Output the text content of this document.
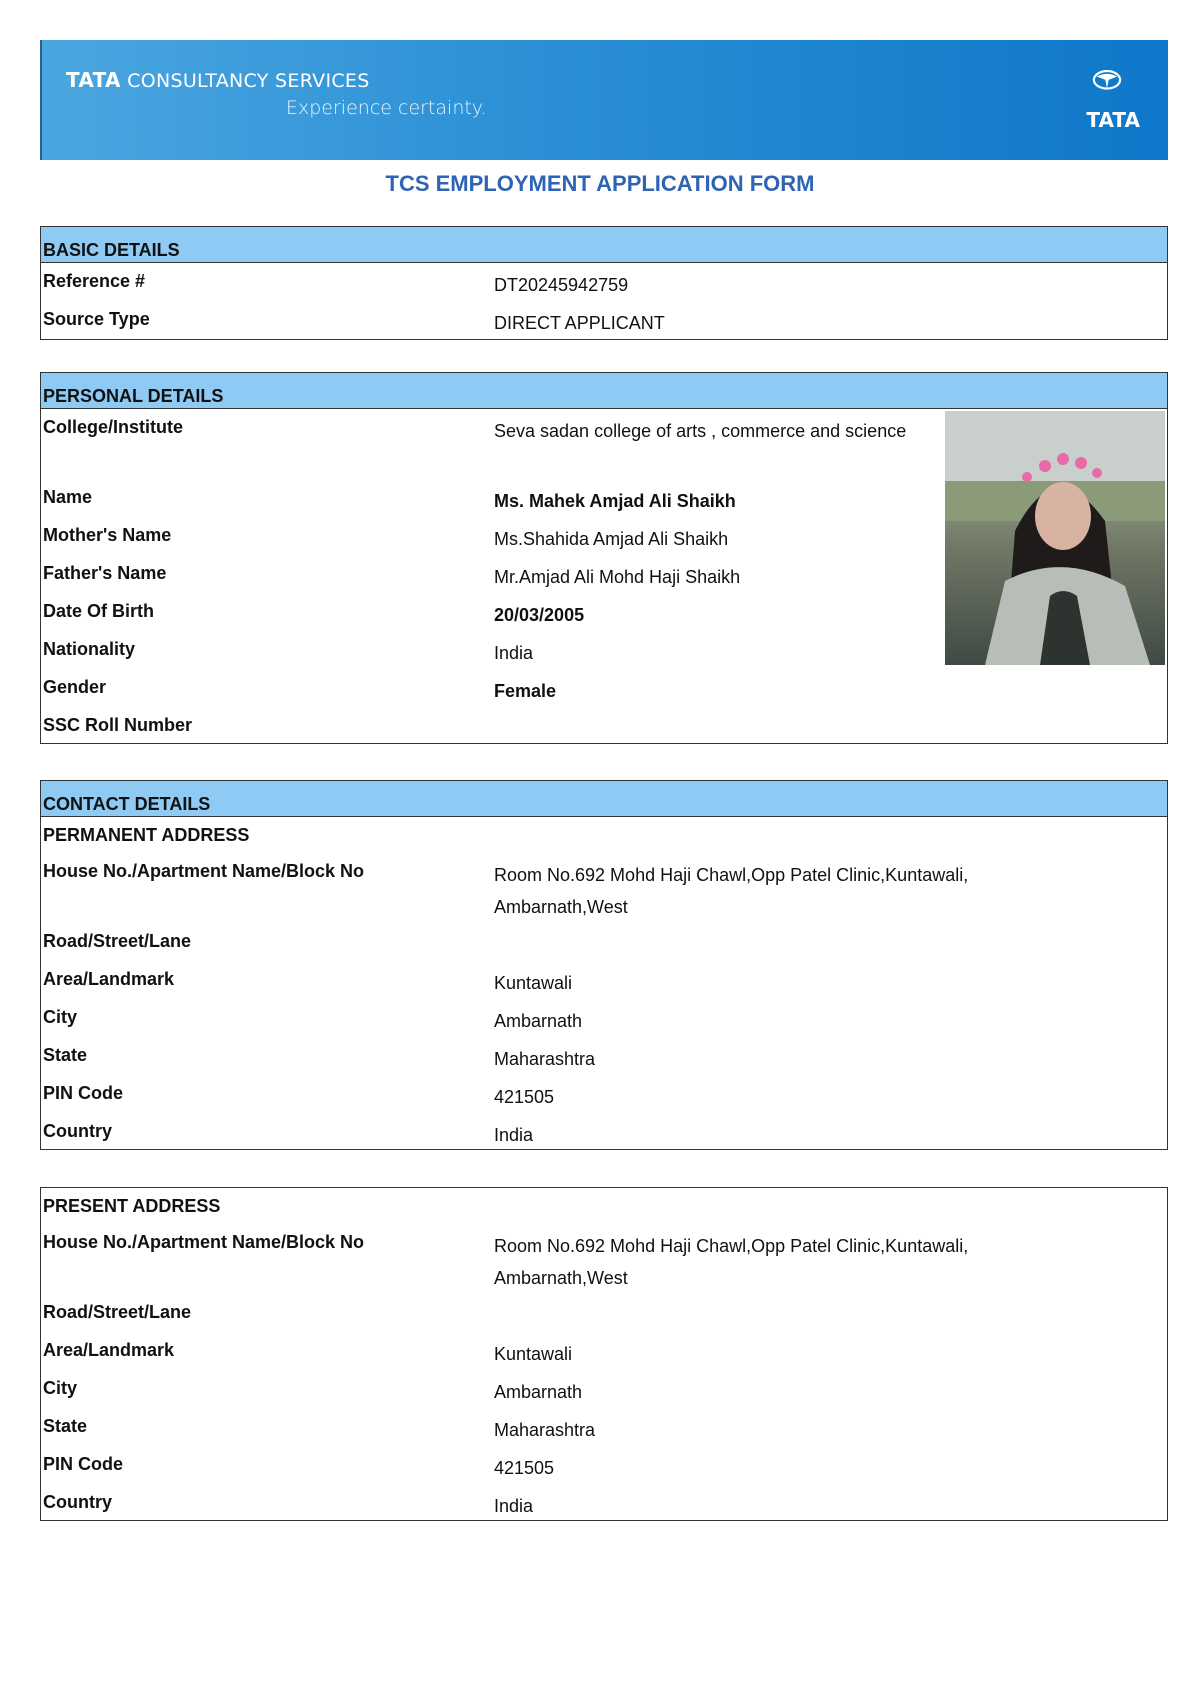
TATA CONSULTANCY SERVICES
Experience certainty.	TATA
TCS EMPLOYMENT APPLICATION FORM
BASIC DETAILS
Reference #	DT20245942759
Source Type	DIRECT APPLICANT
PERSONAL DETAILS
College/Institute	Seva sadan college of arts , commerce and science
Name	Ms. Mahek Amjad Ali Shaikh
Mother's Name	Ms.Shahida Amjad Ali Shaikh
Father's Name	Mr.Amjad Ali Mohd Haji Shaikh
Date Of Birth	20/03/2005
Nationality	India
Gender	Female
SSC Roll Number
CONTACT DETAILS
PERMANENT ADDRESS
House No./Apartment Name/Block No	Room No.692 Mohd Haji Chawl,Opp Patel Clinic,Kuntawali, Ambarnath,West
Road/Street/Lane
Area/Landmark	Kuntawali
City	Ambarnath
State	Maharashtra
PIN Code	421505
Country	India
PRESENT ADDRESS
House No./Apartment Name/Block No	Room No.692 Mohd Haji Chawl,Opp Patel Clinic,Kuntawali, Ambarnath,West
Road/Street/Lane
Area/Landmark	Kuntawali
City	Ambarnath
State	Maharashtra
PIN Code	421505
Country	India
